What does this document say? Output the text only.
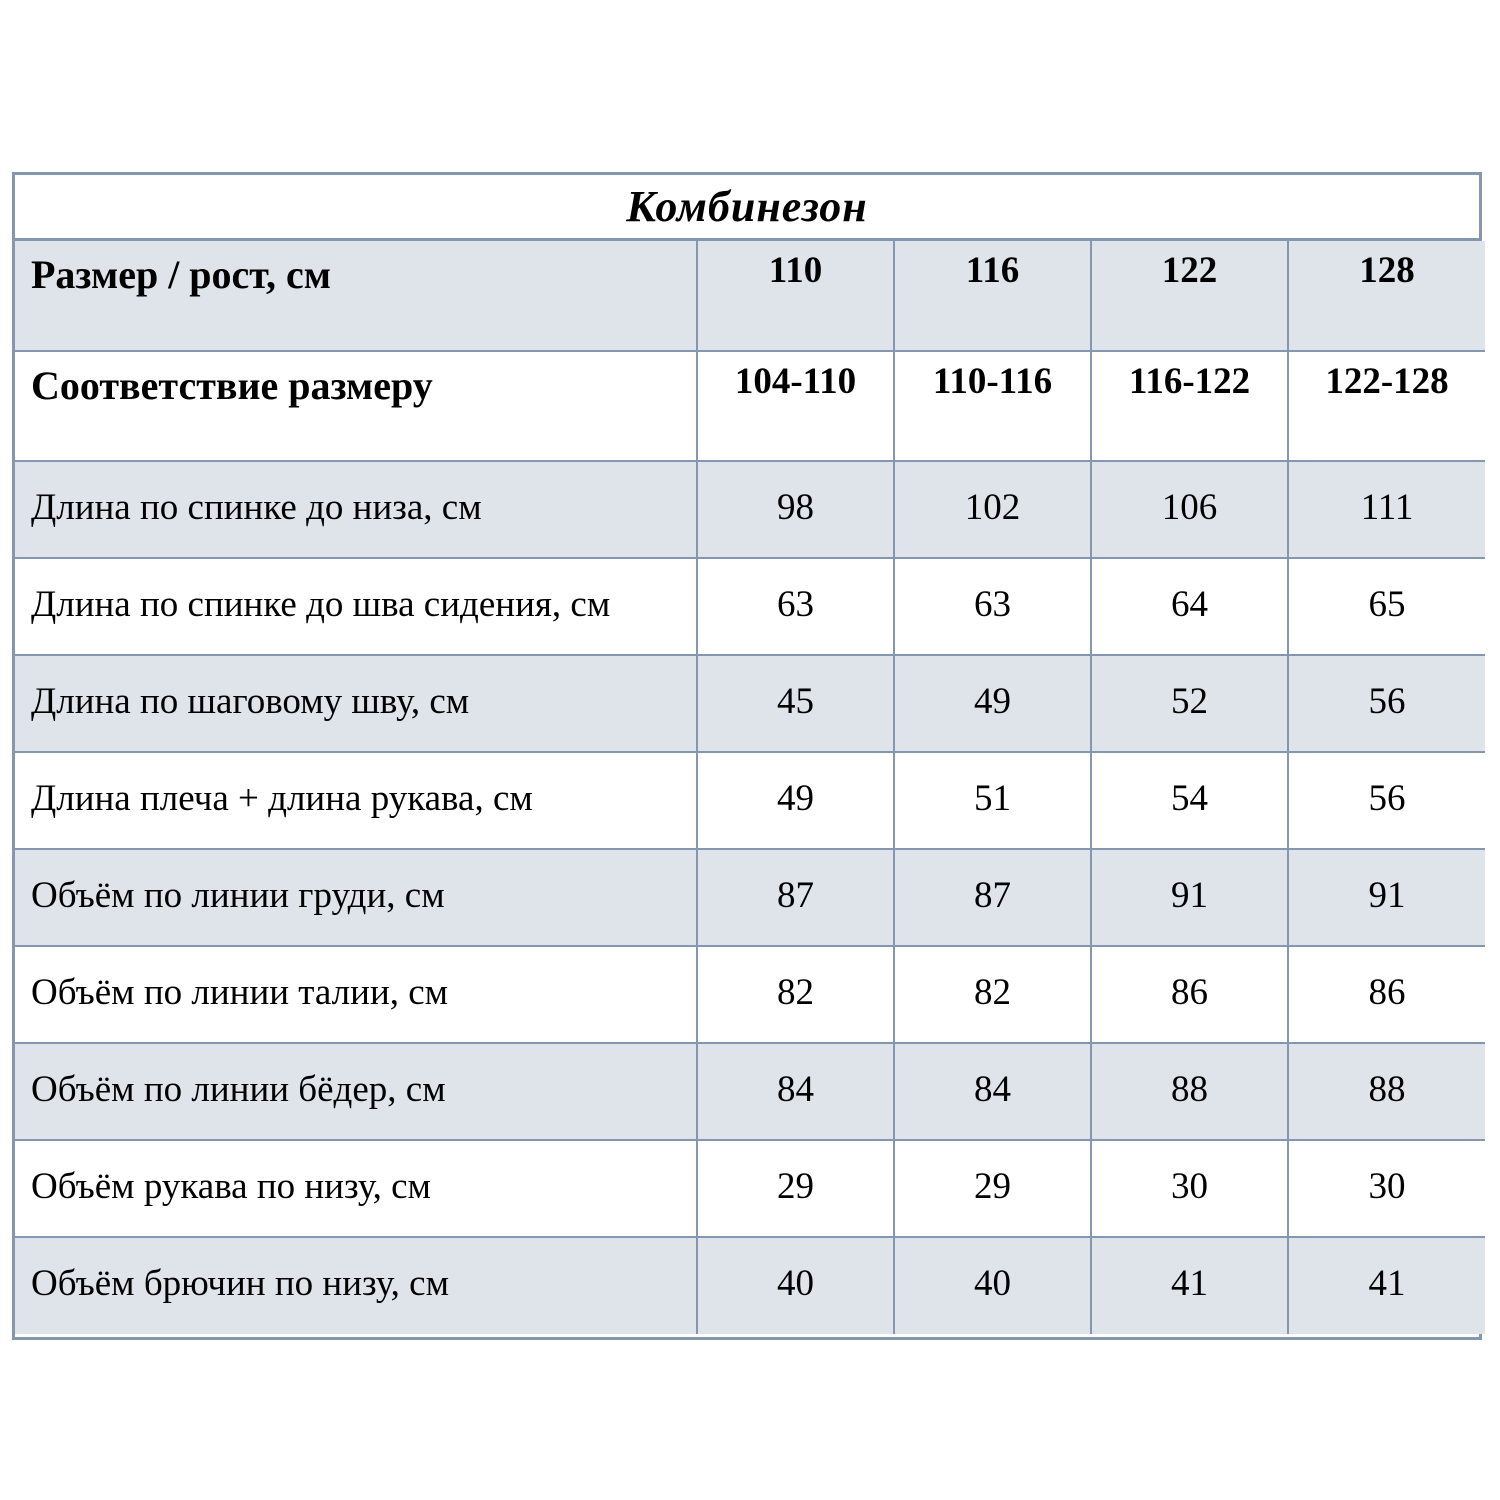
Комбинезон
Размер / рост, см	110	116	122	128

Соответствие размеру	104-110	110-116	116-122	122-128

Длина по спинке до низа, см	98	102	106	111

Длина по спинке до шва сидения, см	63	63	64	65

Длина по шаговому шву, см	45	49	52	56

Длина плеча + длина рукава, см	49	51	54	56

Объём по линии груди, см	87	87	91	91

Объём по линии талии, см	82	82	86	86

Объём по линии бёдер, см	84	84	88	88

Объём рукава по низу, см	29	29	30	30

Объём брючин по низу, см	40	40	41	41
